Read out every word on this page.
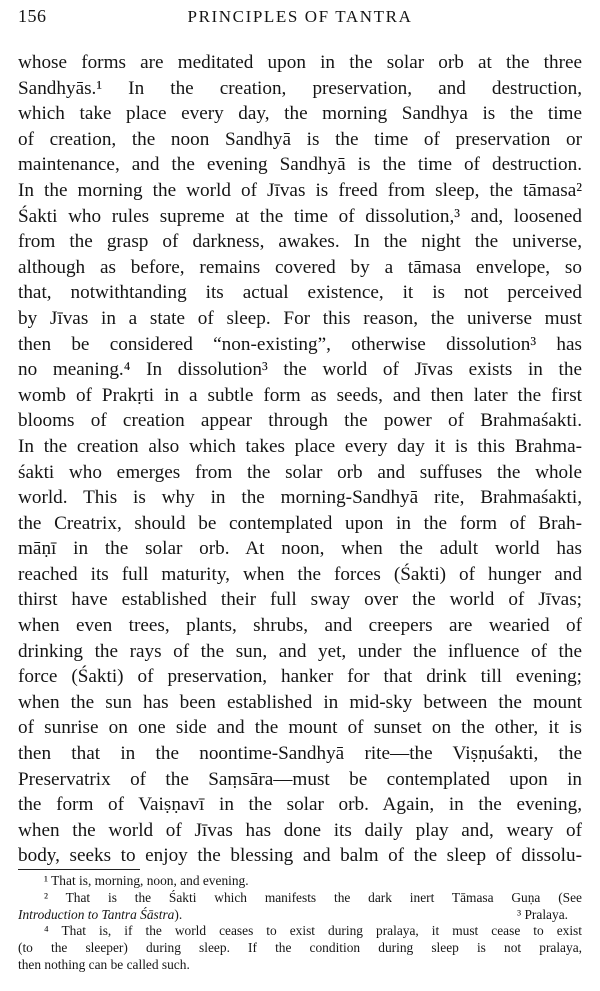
156	PRINCIPLES OF TANTRA
whose forms are meditated upon in the solar orb at the three
Sandhyās.¹ In the creation, preservation, and destruction,
which take place every day, the morning Sandhya is the time
of creation, the noon Sandhyā is the time of preservation or
maintenance, and the evening Sandhyā is the time of destruction.
In the morning the world of Jīvas is freed from sleep, the tāmasa²
Śakti who rules supreme at the time of dissolution,³ and, loosened
from the grasp of darkness, awakes. In the night the universe,
although as before, remains covered by a tāmasa envelope, so
that, notwithtanding its actual existence, it is not perceived
by Jīvas in a state of sleep. For this reason, the universe must
then be considered “non-existing”, otherwise dissolution³ has
no meaning.⁴ In dissolution³ the world of Jīvas exists in the
womb of Prakṛti in a subtle form as seeds, and then later the first
blooms of creation appear through the power of Brahmaśakti.
In the creation also which takes place every day it is this Brahma-
śakti who emerges from the solar orb and suffuses the whole
world. This is why in the morning-Sandhyā rite, Brahmaśakti,
the Creatrix, should be contemplated upon in the form of Brah-
māṇī in the solar orb. At noon, when the adult world has
reached its full maturity, when the forces (Śakti) of hunger and
thirst have established their full sway over the world of Jīvas;
when even trees, plants, shrubs, and creepers are wearied of
drinking the rays of the sun, and yet, under the influence of the
force (Śakti) of preservation, hanker for that drink till evening;
when the sun has been established in mid-sky between the mount
of sunrise on one side and the mount of sunset on the other, it is
then that in the noontime-Sandhyā rite—the Viṣṇuśakti, the
Preservatrix of the Saṃsāra—must be contemplated upon in
the form of Vaiṣṇavī in the solar orb. Again, in the evening,
when the world of Jīvas has done its daily play and, weary of
body, seeks to enjoy the blessing and balm of the sleep of dissolu-
¹ That is, morning, noon, and evening.
² That is the Śakti which manifests the dark inert Tāmasa Guṇa (See
Introduction to Tantra Śāstra).	³ Pralaya.
⁴ That is, if the world ceases to exist during pralaya, it must cease to exist
(to the sleeper) during sleep. If the condition during sleep is not pralaya,
then nothing can be called such.
